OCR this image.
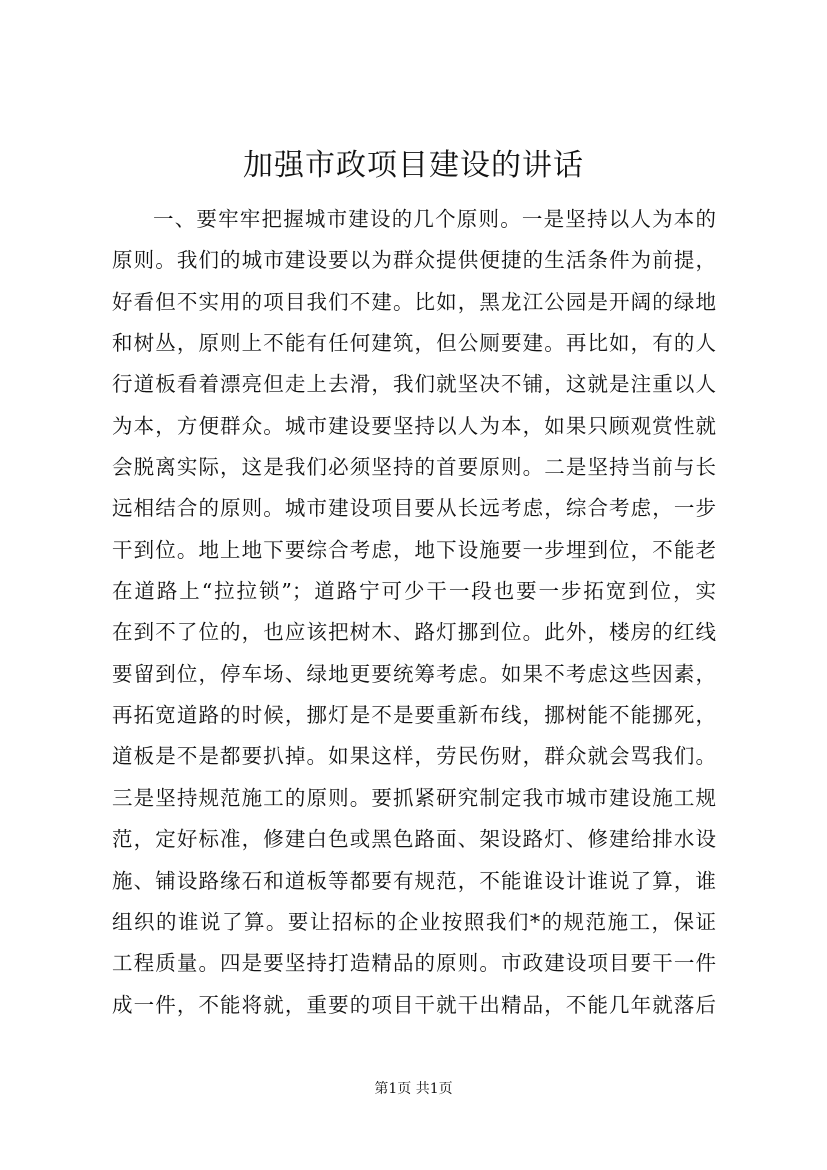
加强市政项目建设的讲话
一、要牢牢把握城市建设的几个原则。一是坚持以人为本的
原则。我们的城市建设要以为群众提供便捷的生活条件为前提，
好看但不实用的项目我们不建。比如，黑龙江公园是开阔的绿地
和树丛，原则上不能有任何建筑，但公厕要建。再比如，有的人
行道板看着漂亮但走上去滑，我们就坚决不铺，这就是注重以人
为本，方便群众。城市建设要坚持以人为本，如果只顾观赏性就
会脱离实际，这是我们必须坚持的首要原则。二是坚持当前与长
远相结合的原则。城市建设项目要从长远考虑，综合考虑，一步
干到位。地上地下要综合考虑，地下设施要一步埋到位，不能老
在道路上“拉拉锁”；道路宁可少干一段也要一步拓宽到位，实
在到不了位的，也应该把树木、路灯挪到位。此外，楼房的红线
要留到位，停车场、绿地更要统筹考虑。如果不考虑这些因素，
再拓宽道路的时候，挪灯是不是要重新布线，挪树能不能挪死，
道板是不是都要扒掉。如果这样，劳民伤财，群众就会骂我们。
三是坚持规范施工的原则。要抓紧研究制定我市城市建设施工规
范，定好标准，修建白色或黑色路面、架设路灯、修建给排水设
施、铺设路缘石和道板等都要有规范，不能谁设计谁说了算，谁
组织的谁说了算。要让招标的企业按照我们*的规范施工，保证
工程质量。四是要坚持打造精品的原则。市政建设项目要干一件
成一件，不能将就，重要的项目干就干出精品，不能几年就落后
第1页 共1页
